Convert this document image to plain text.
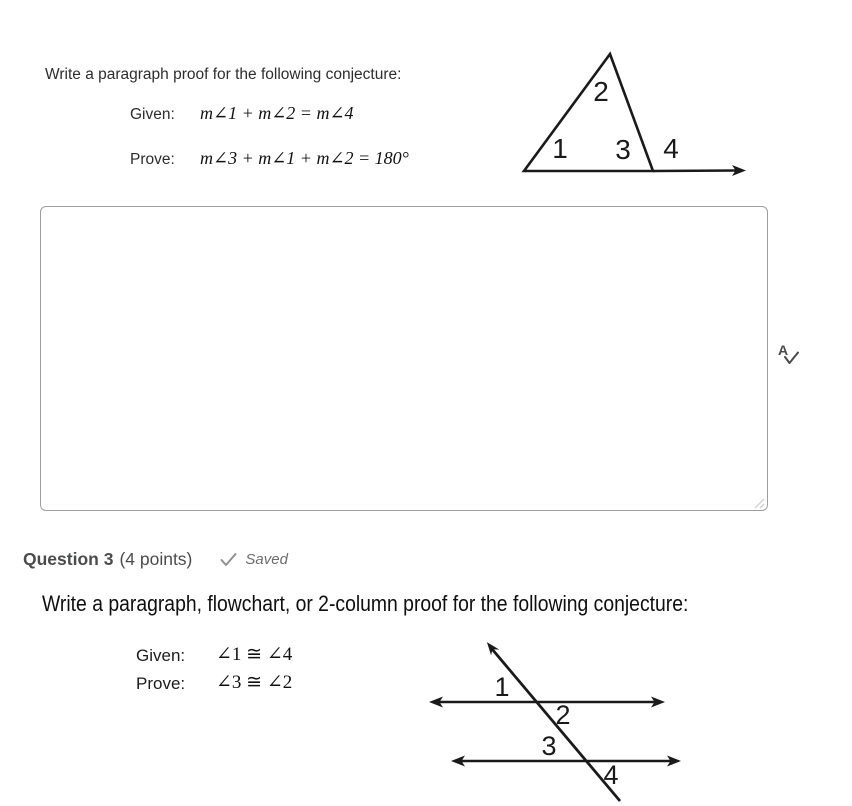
Write a paragraph proof for the following conjecture:
Given: m∠1 + m∠2 = m∠4
Prove: m∠3 + m∠1 + m∠2 = 180°	1
2
3 4
A
Question 3 (4 points)	Saved
Write a paragraph, flowchart, or 2-column proof for the following conjecture:
Given: ∠1 ≅ ∠4
Prove: ∠3 ≅ ∠2	1
2
3
4
